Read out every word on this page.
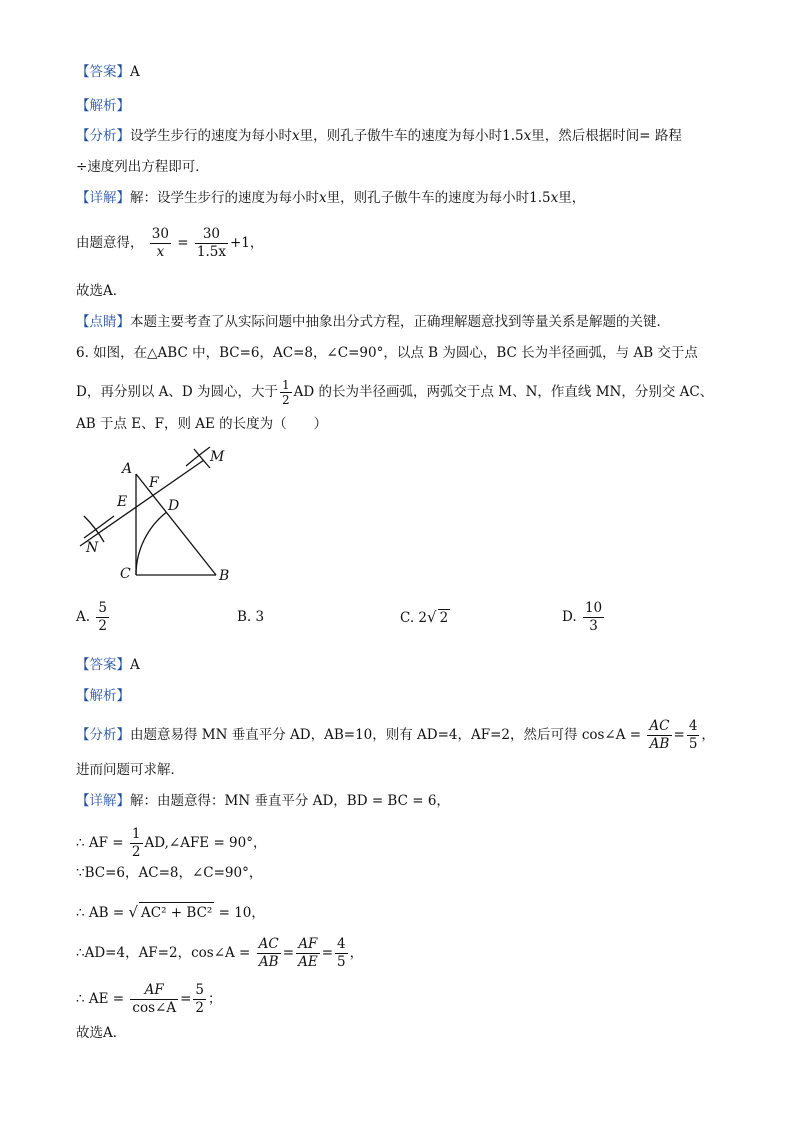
【答案】A
【解析】
【分析】设学生步行的速度为每小时x里，则孔子傲牛车的速度为每小时1.5x里，然后根据时间= 路程
÷速度列出方程即可．
【详解】解：设学生步行的速度为每小时x里，则孔子傲牛车的速度为每小时1.5x里，
由题意得， $\frac{30}{x} = \frac{30}{1.5x} +1$，
故选A．
【点睛】本题主要考查了从实际问题中抽象出分式方程，正确理解题意找到等量关系是解题的关键．
6. 如图，在△ABC 中，BC=6，AC=8，∠C=90°，以点 B 为圆心，BC 长为半径画弧，与 AB 交于点
D，再分别以 A、D 为圆心，大于 $\frac{1}{2}$ AD 的长为半径画弧，两弧交于点 M、N，作直线 MN，分别交 AC、
AB 于点 E、F，则 AE 的长度为（　　）
A
B
C
D
E
F
M
N
A. $\frac{5}{2}$	B. 3	C. 2√ 2	D. $\frac{10}{3}$
【答案】A
【解析】
【分析】由题意易得 MN 垂直平分 AD，AB=10，则有 AD=4，AF=2，然后可得 cos∠A = $\frac{AC}{AB} = \frac{4}{5}$ ，
进而问题可求解．
【详解】解：由题意得：MN 垂直平分 AD，BD = BC = 6，
∴ AF = $\frac{1}{2}$ AD,∠AFE = 90°，
∵BC=6，AC=8，∠C=90°，
∴ AB = √ AC² + BC² = 10，
∴AD=4，AF=2，cos∠A = $\frac{AC}{AB} = \frac{AF}{AE} = \frac{4}{5}$ ，
∴ AE = $\frac{AF}{\cos\angle A} = \frac{5}{2}$ ；
故选A．
